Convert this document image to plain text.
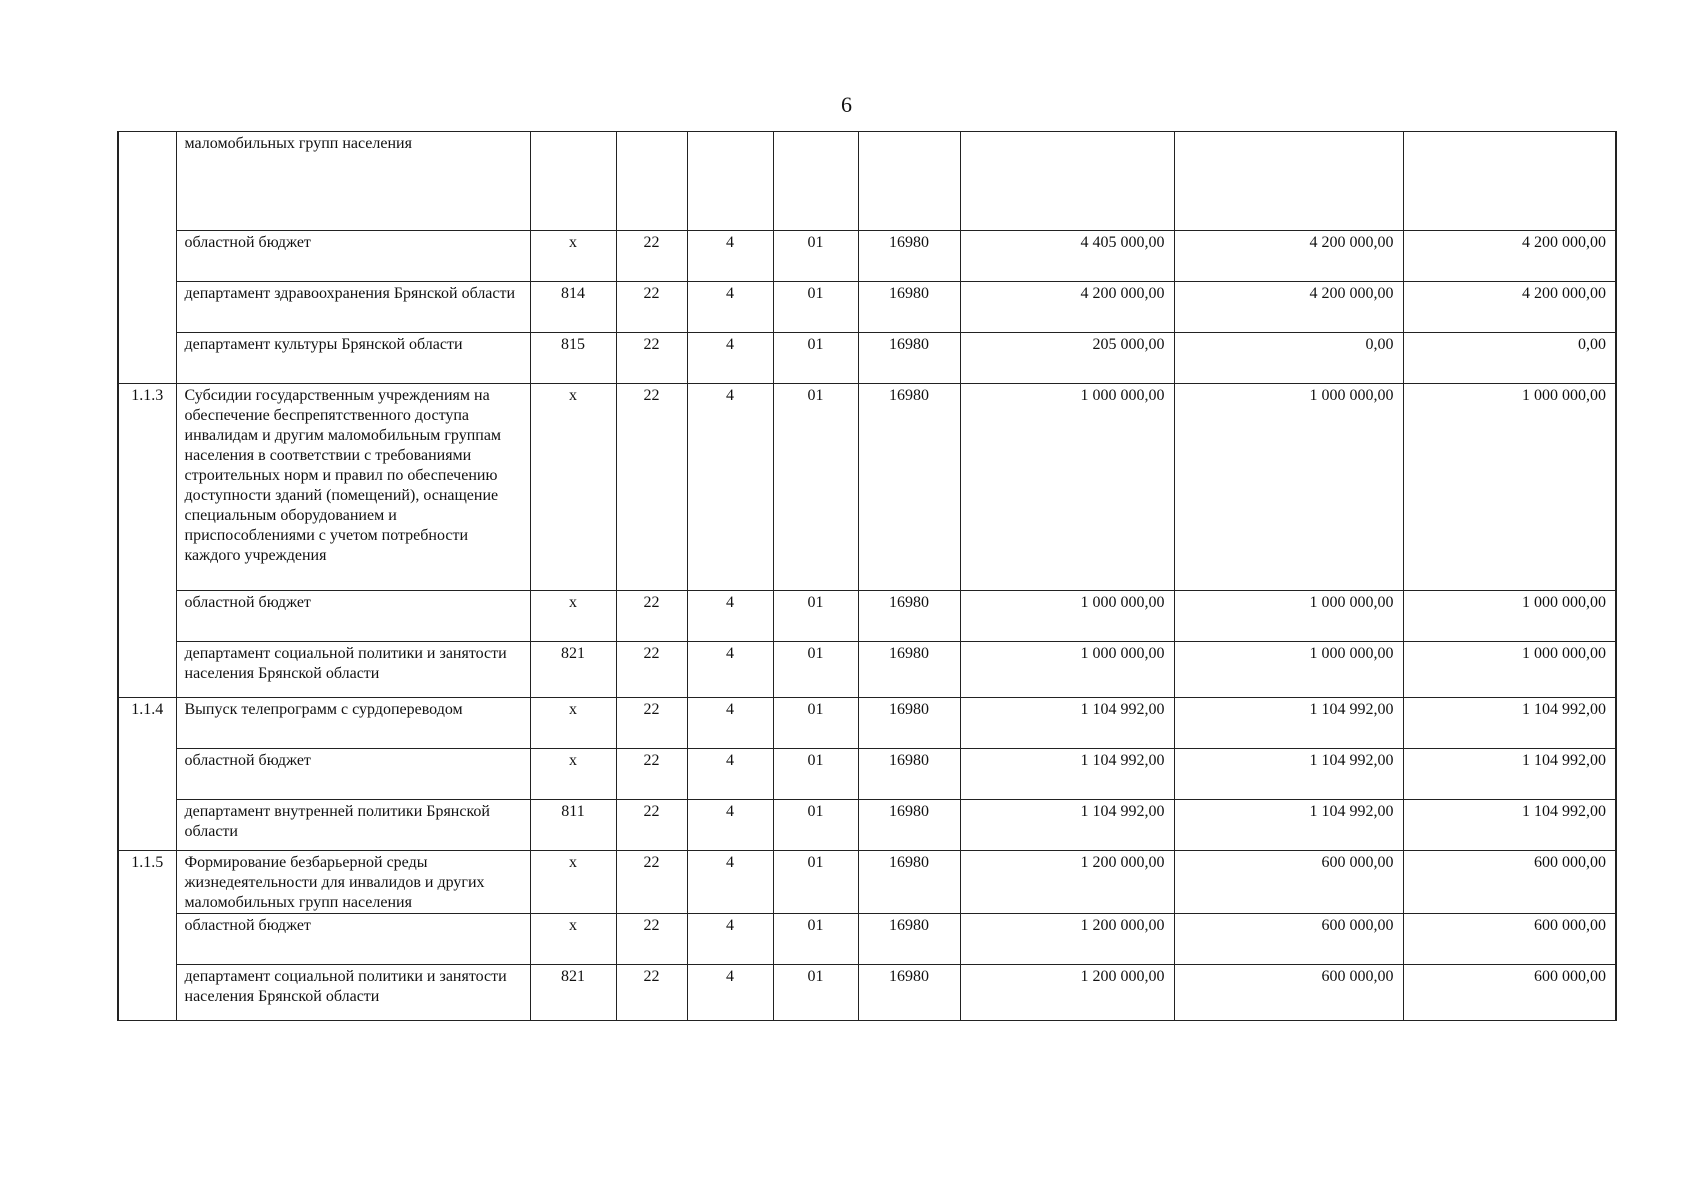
6
	маломобильных групп населения								
	областной бюджет	x	22	4	01	16980	4 405 000,00	4 200 000,00	4 200 000,00
	департамент здравоохранения Брянской области	814	22	4	01	16980	4 200 000,00	4 200 000,00	4 200 000,00
	департамент культуры Брянской области	815	22	4	01	16980	205 000,00	0,00	0,00
1.1.3	Субсидии государственным учреждениям на обеспечение беспрепятственного доступа инвалидам и другим маломобильным группам населения в соответствии с требованиями строительных норм и правил по обеспечению доступности зданий (помещений), оснащение специальным оборудованием и приспособлениями с учетом потребности каждого учреждения	x	22	4	01	16980	1 000 000,00	1 000 000,00	1 000 000,00
	областной бюджет	x	22	4	01	16980	1 000 000,00	1 000 000,00	1 000 000,00
	департамент социальной политики и занятости населения Брянской области	821	22	4	01	16980	1 000 000,00	1 000 000,00	1 000 000,00
1.1.4	Выпуск телепрограмм с сурдопереводом	x	22	4	01	16980	1 104 992,00	1 104 992,00	1 104 992,00
	областной бюджет	x	22	4	01	16980	1 104 992,00	1 104 992,00	1 104 992,00
	департамент внутренней политики Брянской области	811	22	4	01	16980	1 104 992,00	1 104 992,00	1 104 992,00
1.1.5	Формирование безбарьерной среды жизнедеятельности для инвалидов и других маломобильных групп населения	x	22	4	01	16980	1 200 000,00	600 000,00	600 000,00
	областной бюджет	x	22	4	01	16980	1 200 000,00	600 000,00	600 000,00
	департамент социальной политики и занятости населения Брянской области	821	22	4	01	16980	1 200 000,00	600 000,00	600 000,00
